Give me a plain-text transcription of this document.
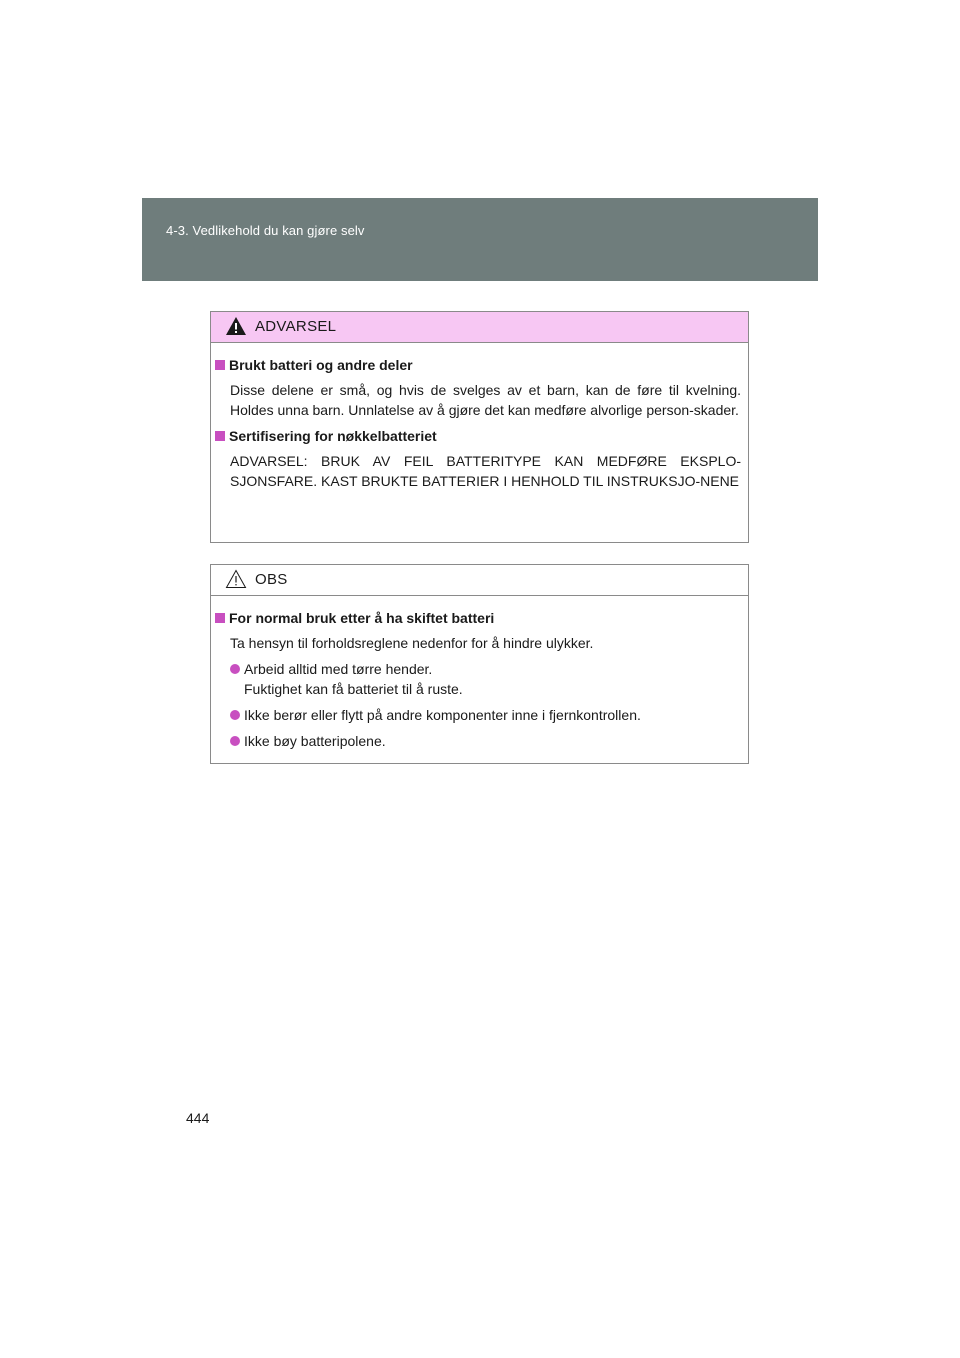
4-3. Vedlikehold du kan gjøre selv
ADVARSEL
Brukt batteri og andre deler
Disse delene er små, og hvis de svelges av et barn, kan de føre til kvelning. Holdes unna barn. Unnlatelse av å gjøre det kan medføre alvorlige person-skader.
Sertifisering for nøkkelbatteriet
ADVARSEL: BRUK AV FEIL BATTERITYPE KAN MEDFØRE EKSPLO-SJONSFARE. KAST BRUKTE BATTERIER I HENHOLD TIL INSTRUKSJO-NENE
OBS
For normal bruk etter å ha skiftet batteri
Ta hensyn til forholdsreglene nedenfor for å hindre ulykker.
Arbeid alltid med tørre hender.
Fuktighet kan få batteriet til å ruste.
Ikke berør eller flytt på andre komponenter inne i fjernkontrollen.
Ikke bøy batteripolene.
444
